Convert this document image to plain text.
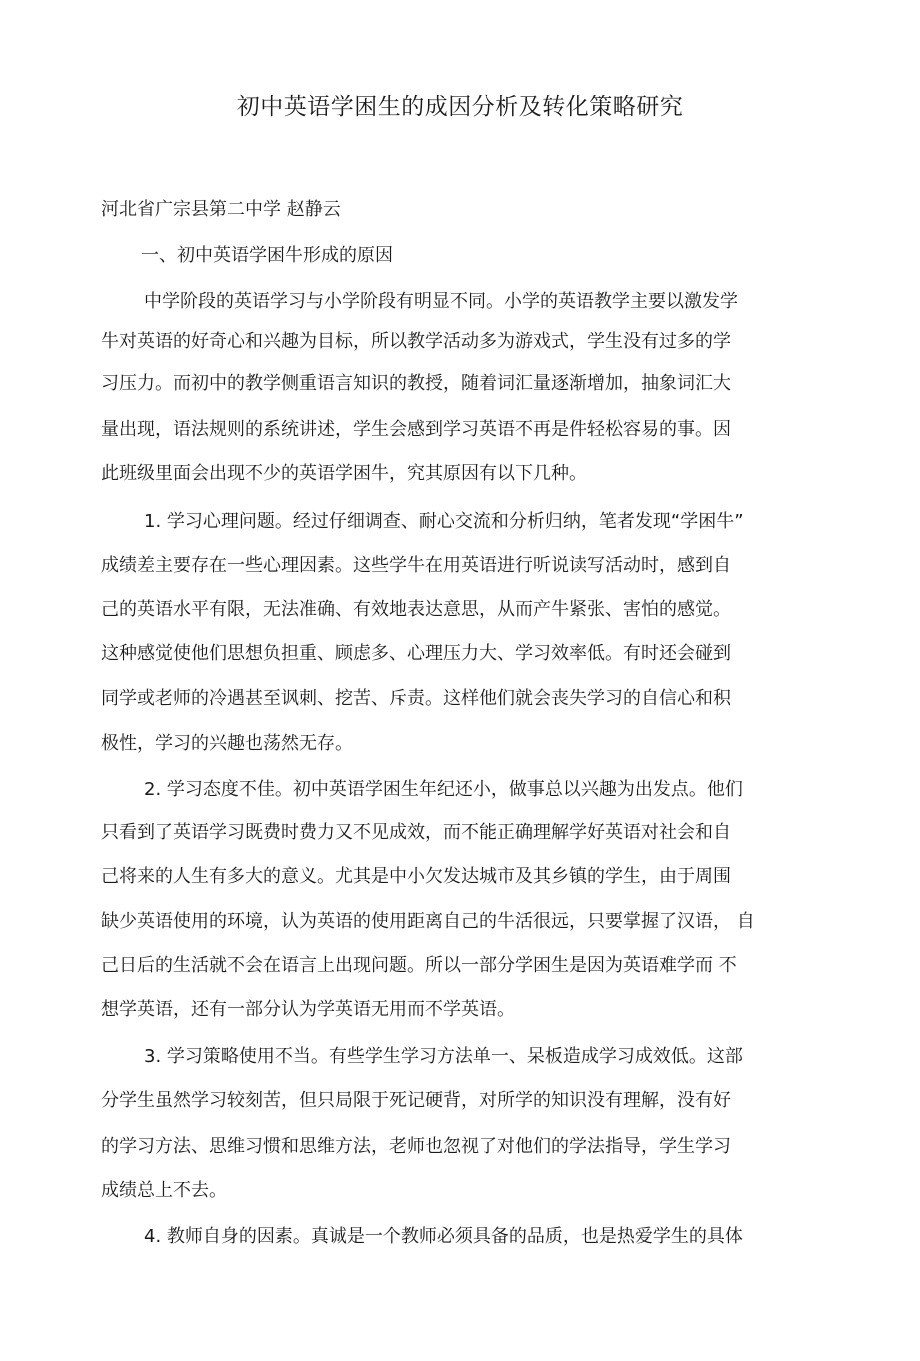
初中英语学困生的成因分析及转化策略研究
河北省广宗县第二中学 赵静云
一、初中英语学困牛形成的原因
中学阶段的英语学习与小学阶段有明显不同。小学的英语教学主要以激发学
牛对英语的好奇心和兴趣为目标，所以教学活动多为游戏式，学生没有过多的学
习压力。而初中的教学侧重语言知识的教授，随着词汇量逐渐增加，抽象词汇大
量出现，语法规则的系统讲述，学生会感到学习英语不再是件轻松容易的事。因
此班级里面会出现不少的英语学困牛，究其原因有以下几种。
1. 学习心理问题。经过仔细调查、耐心交流和分析归纳，笔者发现“学困牛”
成绩差主要存在一些心理因素。这些学牛在用英语进行听说读写活动时，感到自
己的英语水平有限，无法准确、有效地表达意思，从而产牛紧张、害怕的感觉。
这种感觉使他们思想负担重、顾虑多、心理压力大、学习效率低。有时还会碰到
同学或老师的冷遇甚至讽刺、挖苦、斥责。这样他们就会丧失学习的自信心和积
极性，学习的兴趣也荡然无存。
2. 学习态度不佳。初中英语学困生年纪还小，做事总以兴趣为出发点。他们
只看到了英语学习既费时费力又不见成效，而不能正确理解学好英语对社会和自
己将来的人生有多大的意义。尤其是中小欠发达城市及其乡镇的学生，由于周围
缺少英语使用的环境，认为英语的使用距离自己的牛活很远，只要掌握了汉语， 自
己日后的生活就不会在语言上出现问题。所以一部分学困生是因为英语难学而 不
想学英语，还有一部分认为学英语无用而不学英语。
3. 学习策略使用不当。有些学生学习方法单一、呆板造成学习成效低。这部
分学生虽然学习较刻苦，但只局限于死记硬背，对所学的知识没有理解，没有好
的学习方法、思维习惯和思维方法，老师也忽视了对他们的学法指导，学生学习
成绩总上不去。
4. 教师自身的因素。真诚是一个教师必须具备的品质，也是热爱学生的具体
